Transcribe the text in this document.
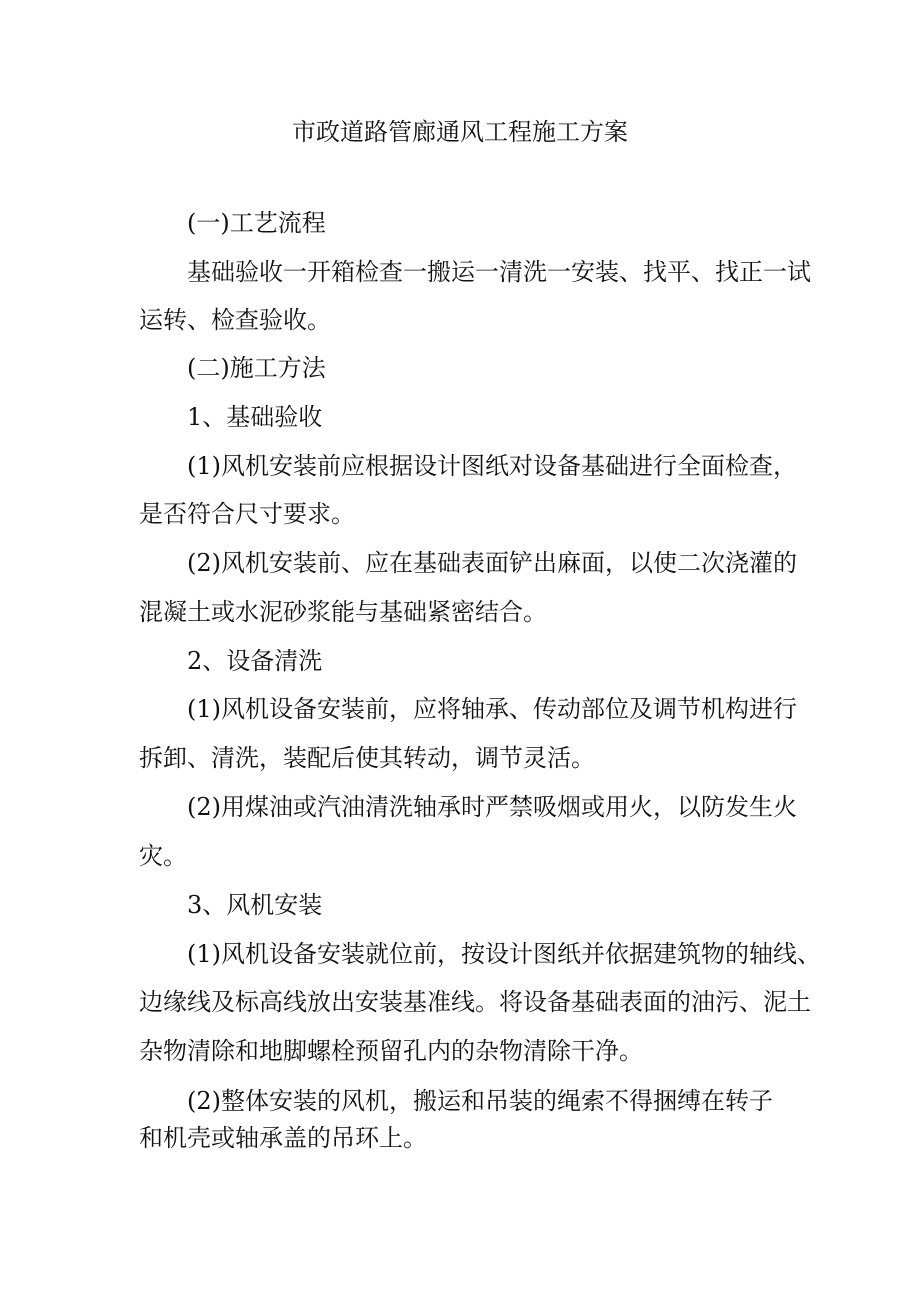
市政道路管廊通风工程施工方案
(一)工艺流程
基础验收一开箱检查一搬运一清洗一安装、找平、找正一试
运转、检查验收。
(二)施工方法
1、基础验收
(1)风机安装前应根据设计图纸对设备基础进行全面检查，
是否符合尺寸要求。
(2)风机安装前、应在基础表面铲出麻面，以使二次浇灌的
混凝土或水泥砂浆能与基础紧密结合。
2、设备清洗
(1)风机设备安装前，应将轴承、传动部位及调节机构进行
拆卸、清洗，装配后使其转动，调节灵活。
(2)用煤油或汽油清洗轴承时严禁吸烟或用火，以防发生火
灾。
3、风机安装
(1)风机设备安装就位前，按设计图纸并依据建筑物的轴线、
边缘线及标高线放出安装基准线。将设备基础表面的油污、泥土
杂物清除和地脚螺栓预留孔内的杂物清除干净。
(2)整体安装的风机，搬运和吊装的绳索不得捆缚在转子
和机壳或轴承盖的吊环上。
